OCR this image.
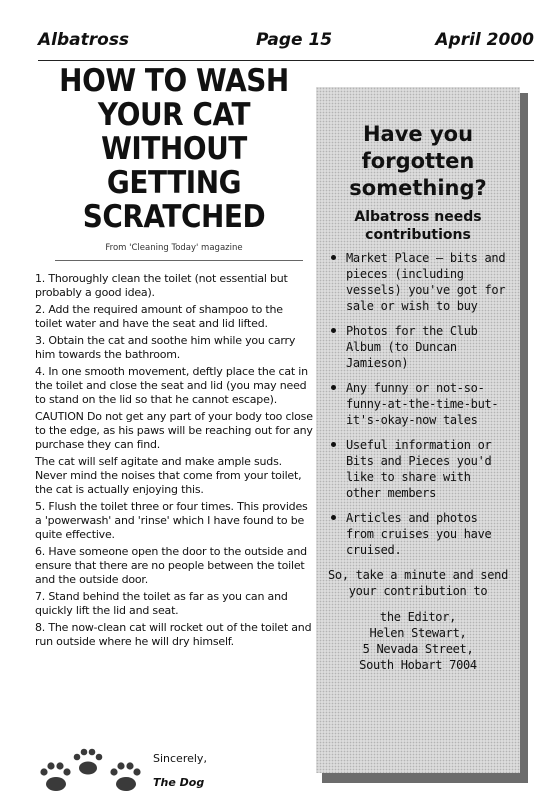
Albatross	Page 15	April 2000
HOW TO WASH
YOUR CAT
WITHOUT GETTING
SCRATCHED

From 'Cleaning Today' magazine

1. Thoroughly clean the toilet (not essential but probably a good idea).

2. Add the required amount of shampoo to the toilet water and have the seat and lid lifted.

3. Obtain the cat and soothe him while you carry him towards the bathroom.

4. In one smooth movement, deftly place the cat in the toilet and close the seat and lid (you may need to stand on the lid so that he cannot escape).

CAUTION Do not get any part of your body too close to the edge, as his paws will be reaching out for any purchase they can find.

The cat will self agitate and make ample suds. Never mind the noises that come from your toilet, the cat is actually enjoying this.

5. Flush the toilet three or four times. This provides a 'powerwash' and 'rinse' which I have found to be quite effective.

6. Have someone open the door to the outside and ensure that there are no people between the toilet and the outside door.

7. Stand behind the toilet as far as you can and quickly lift the lid and seat.

8. The now-clean cat will rocket out of the toilet and run outside where he will dry himself.

Sincerely,
The Dog
Have you
forgotten
something?

Albatross needs
contributions

Market Place – bits and pieces (including vessels) you've got for sale or wish to buy
Photos for the Club Album (to Duncan Jamieson)
Any funny or not-so-funny-at-the-time-but-it's-okay-now tales
Useful information or Bits and Pieces you'd like to share with other members
Articles and photos from cruises you have cruised.

So, take a minute and send your contribution to

the Editor,
Helen Stewart,
5 Nevada Street,
South Hobart 7004
